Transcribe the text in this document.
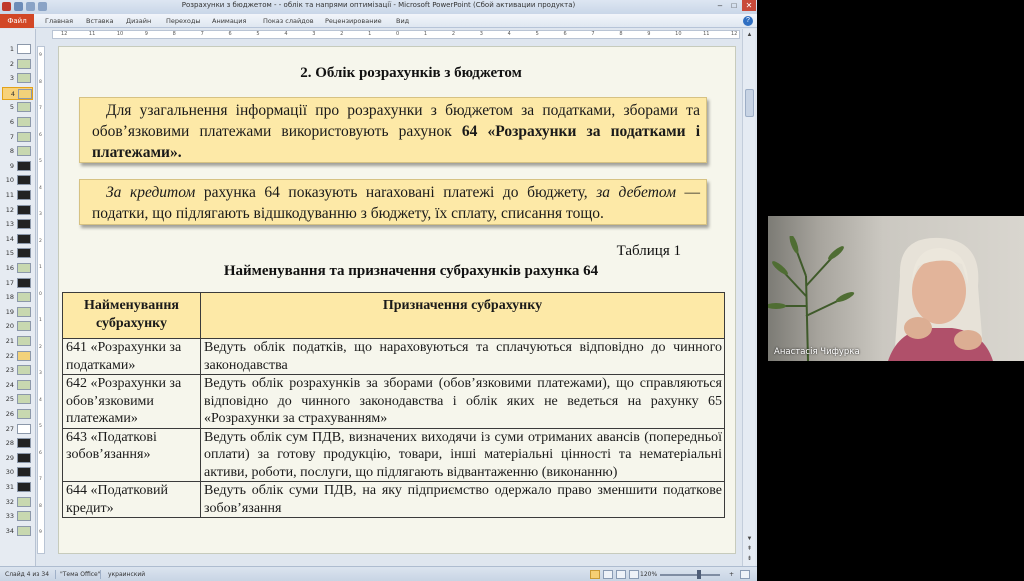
Розрахунки з бюджетом - - облік та напрями оптимізації - Microsoft PowerPoint (Сбой активации продукта)	–	□	✕
Файл	Главная Вставка Дизайн Переходы Анимация	Показ слайдов Рецензирование Вид	?
1
2
3
4
5
6
7
8
9
10
11
12
13
14
15
16
17
18
19
20
21
22
23
24
25
26
27
28
29
30
31
32
33
34
12	11	10	9	8	7	6	5	4	3	2	1	0	1	2	3	4	5	6	7	8	9	10	11	12
9
8
7
6
5
4
3
2
1
0
1
2
3
4
5
6
7
8
9
▲
▼
⇞
⇟
2. Облік розрахунків з бюджетом
Для узагальнення інформації про розрахунки з бюджетом за податками, зборами та обов’язковими платежами використовують рахунок 64 «Розрахунки за податками і платежами».
За кредитом рахунка 64 показують наraховані платежі до бюджету, за дебетом — податки, що підлягають відшкодуванню з бюджету, їх сплату, списання тощо.
Таблиця 1
Найменування та призначення субрахунків рахунка 64
Найменування субрахунку	Призначення субрахунку
641 «Розрахунки за податками»	Ведуть облік податків, що нараховуються та сплачуються відповідно до чинного законодавства
642 «Розрахунки за обов’язковими платежами»	Ведуть облік розрахунків за зборами (обов’язковими платежами), що справляються відповідно до чинного законодавства і облік яких не ведеться на рахунку 65 «Розрахунки за страхуванням»
643 «Податкові зобов’язання»	Ведуть облік сум ПДВ, визначених виходячи із суми отриманих авансів (попередньої оплати) за готову продукцію, товари, інші матеріальні цінності та нематеріальні активи, роботи, послуги, що підлягають відвантаженню (виконанню)
644 «Податковий кредит»	Ведуть облік суми ПДВ, на яку підприємство одержало право зменшити податкове зобов’язання
Слайд 4 из 34 "Тема Office" украинский	120%	+
Анастасія Чифурка
